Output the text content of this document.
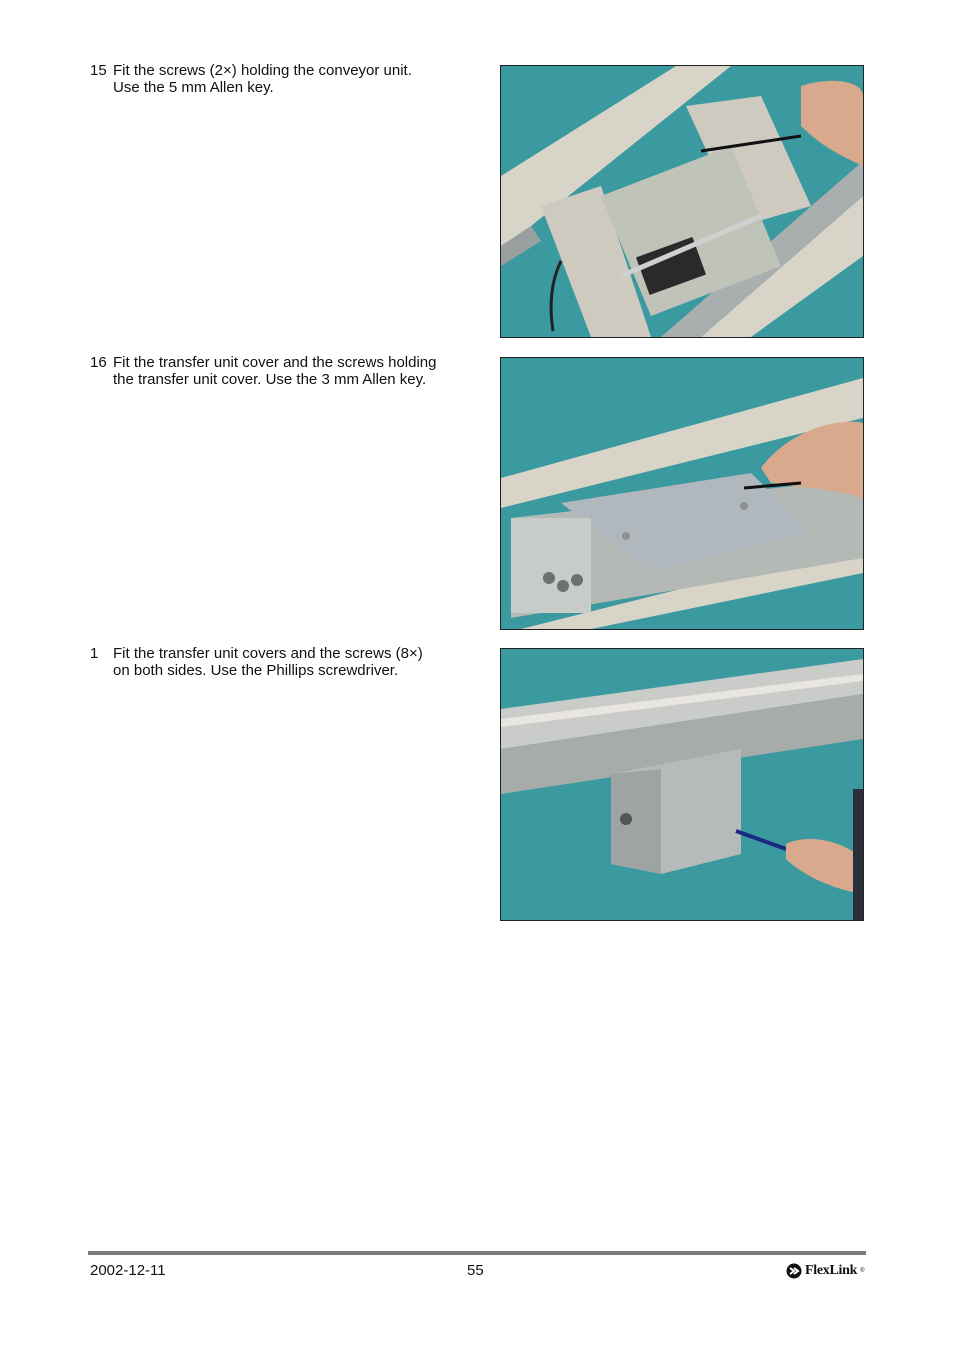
15 Fit the screws (2×) holding the conveyor unit.
Use the 5 mm Allen key.
16 Fit the transfer unit cover and the screws holding
the transfer unit cover. Use the 3 mm Allen key.
1 Fit the transfer unit covers and the screws (8×)
on both sides. Use the Phillips screwdriver.
2002-12-11	55	FlexLink ®
